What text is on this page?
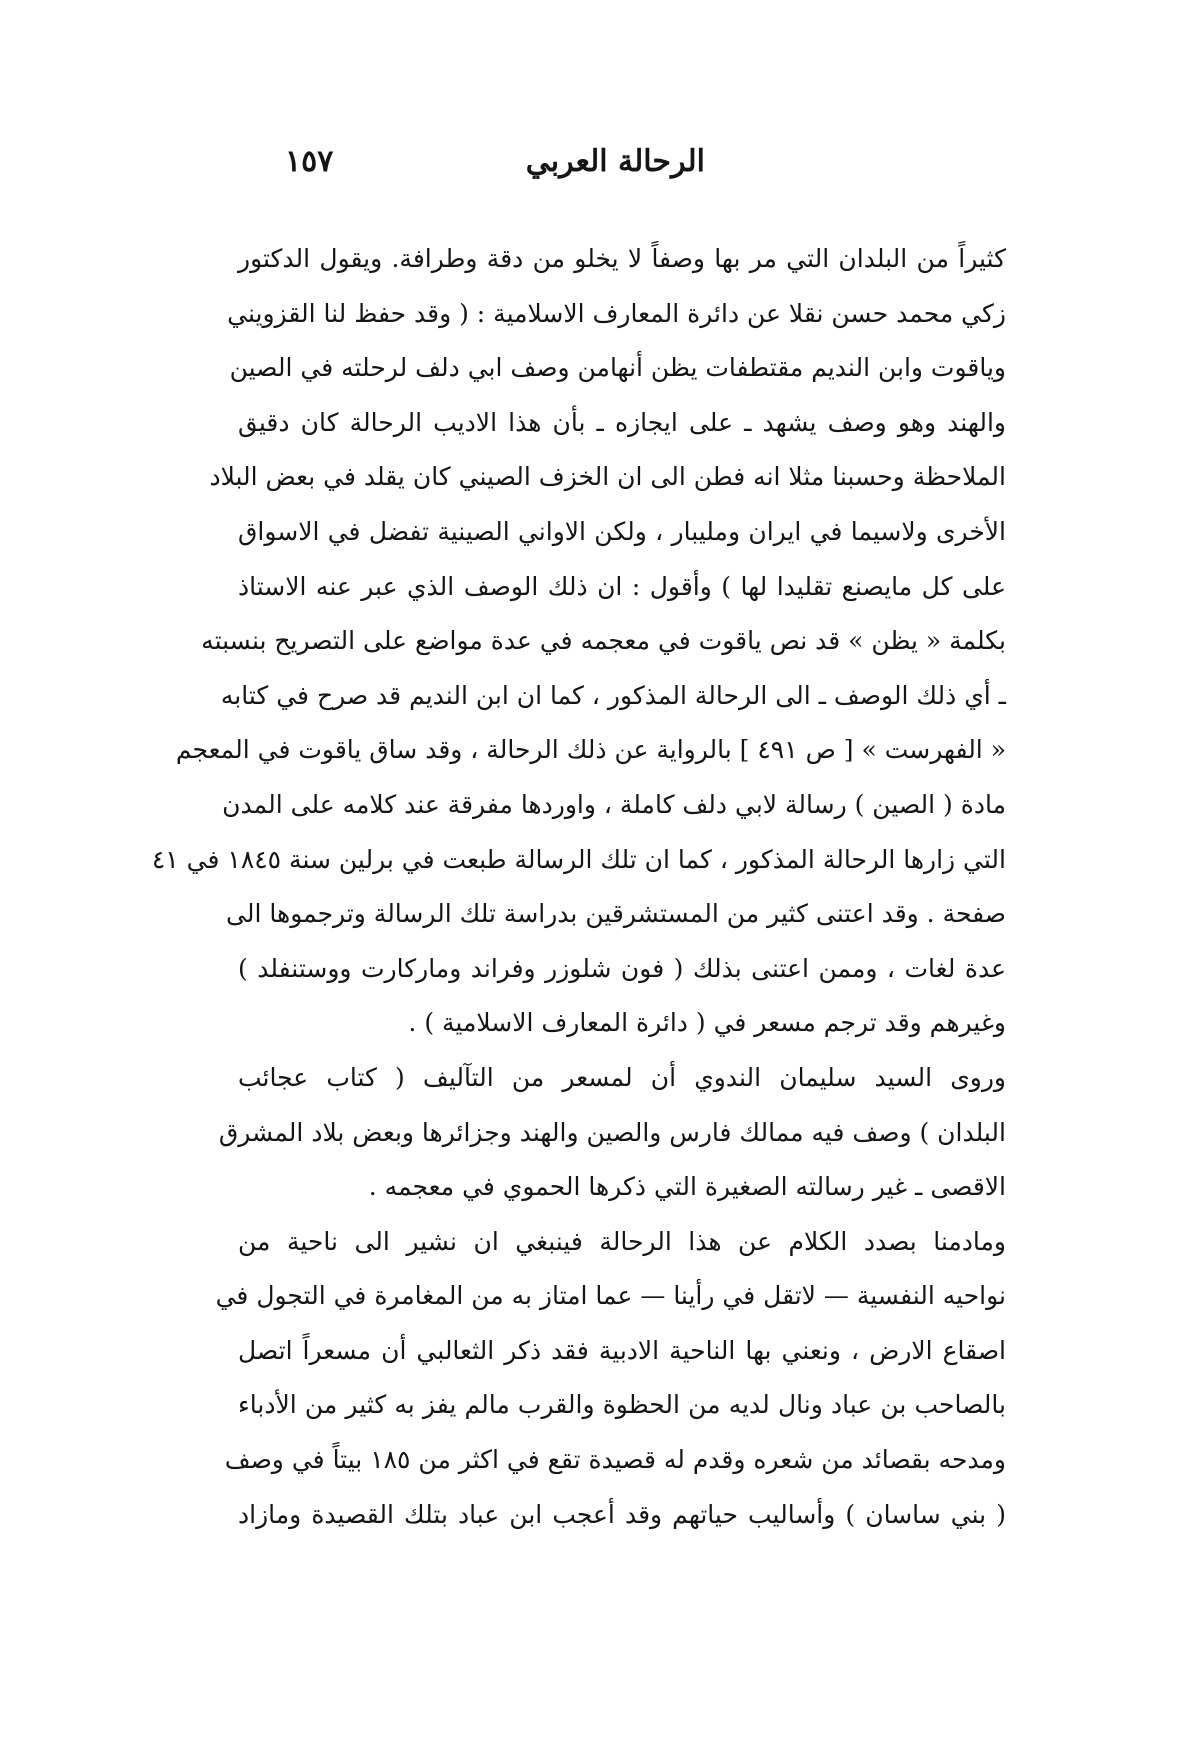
الرحالة العربي
١٥٧
كثيراً من البلدان التي مر بها وصفاً لا يخلو من دقة وطرافة. ويقول الدكتور
زكي محمد حسن نقلا عن دائرة المعارف الاسلامية : ( وقد حفظ لنا القزويني
وياقوت وابن النديم مقتطفات يظن أنهامن وصف ابي دلف لرحلته في الصين
والهند وهو وصف يشهد ـ على ايجازه ـ بأن هذا الاديب الرحالة كان دقيق
الملاحظة وحسبنا مثلا انه فطن الى ان الخزف الصيني كان يقلد في بعض البلاد
الأخرى ولاسيما في ايران ومليبار ، ولكن الاواني الصينية تفضل في الاسواق
على كل مايصنع تقليدا لها ) وأقول : ان ذلك الوصف الذي عبر عنه الاستاذ
بكلمة « يظن » قد نص ياقوت في معجمه في عدة مواضع على التصريح بنسبته
ـ أي ذلك الوصف ـ الى الرحالة المذكور ، كما ان ابن النديم قد صرح في كتابه
« الفهرست » [ ص ٤٩١ ] بالرواية عن ذلك الرحالة ، وقد ساق ياقوت في المعجم
مادة ( الصين ) رسالة لابي دلف كاملة ، واوردها مفرقة عند كلامه على المدن
التي زارها الرحالة المذكور ، كما ان تلك الرسالة طبعت في برلين سنة ١٨٤٥ في ٤١
صفحة . وقد اعتنى كثير من المستشرقين بدراسة تلك الرسالة وترجموها الى
عدة لغات ، وممن اعتنى بذلك ( فون شلوزر وفراند وماركارت ووستنفلد )
وغيرهم وقد ترجم مسعر في ( دائرة المعارف الاسلامية ) .
وروى السيد سليمان الندوي أن لمسعر من التآليف ( كتاب عجائب
البلدان ) وصف فيه ممالك فارس والصين والهند وجزائرها وبعض بلاد المشرق
الاقصى ـ غير رسالته الصغيرة التي ذكرها الحموي في معجمه .
ومادمنا بصدد الكلام عن هذا الرحالة فينبغي ان نشير الى ناحية من
نواحيه النفسية — لاتقل في رأينا — عما امتاز به من المغامرة في التجول في
اصقاع الارض ، ونعني بها الناحية الادبية فقد ذكر الثعالبي أن مسعراً اتصل
بالصاحب بن عباد ونال لديه من الحظوة والقرب مالم يفز به كثير من الأدباء
ومدحه بقصائد من شعره وقدم له قصيدة تقع في اكثر من ١٨٥ بيتاً في وصف
( بني ساسان ) وأساليب حياتهم وقد أعجب ابن عباد بتلك القصيدة ومازاد
